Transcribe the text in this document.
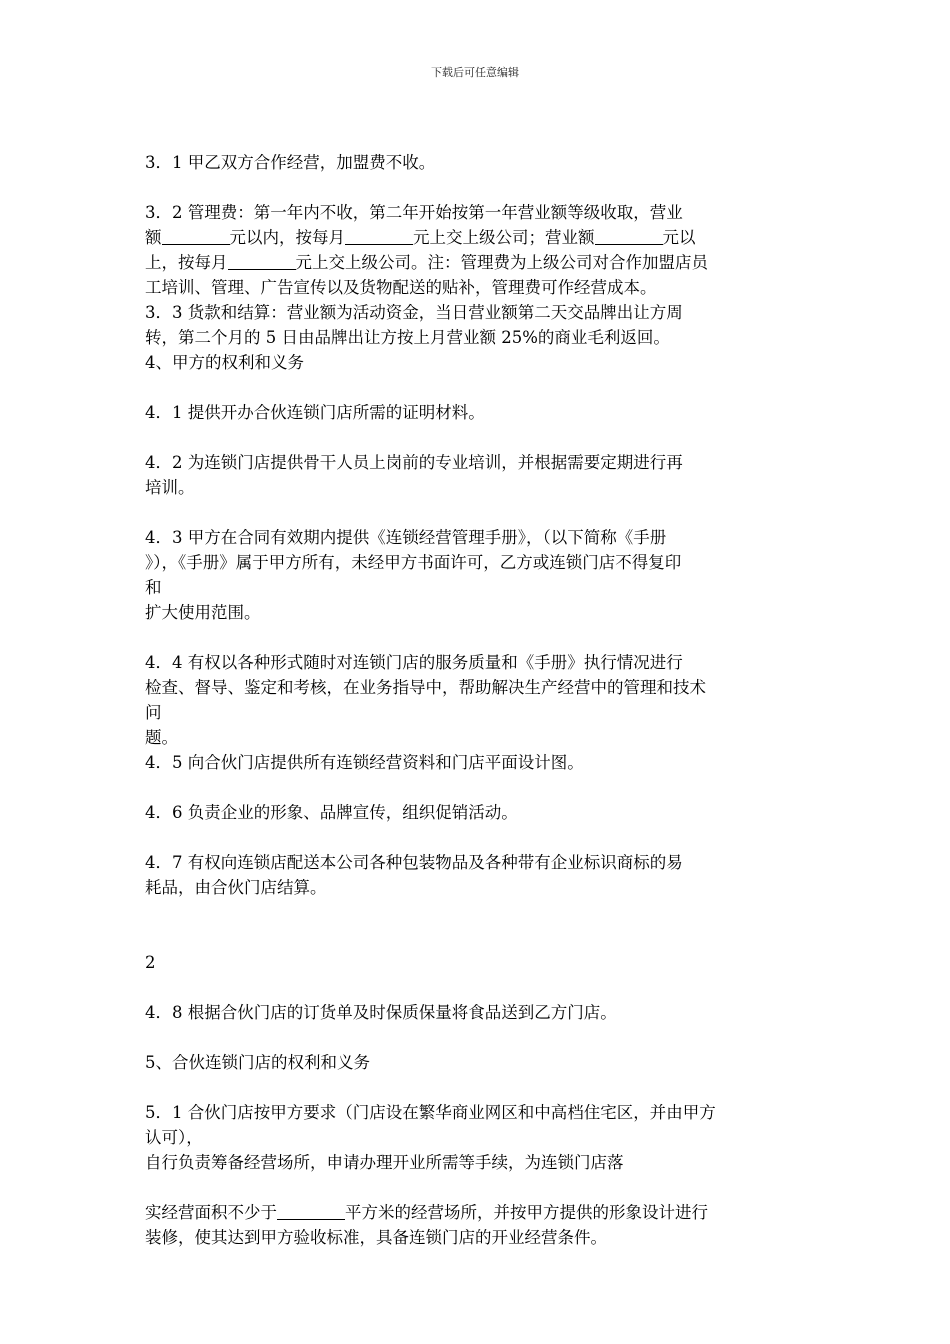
下载后可任意编辑
3．1 甲乙双方合作经营，加盟费不收。
3．2 管理费：第一年内不收，第二年开始按第一年营业额等级收取，营业
额	元以内，按每月	元上交上级公司；营业额	元以
上，按每月	元上交上级公司。注：管理费为上级公司对合作加盟店员
工培训、管理、广告宣传以及货物配送的贴补，管理费可作经营成本。
3．3 货款和结算：营业额为活动资金，当日营业额第二天交品牌出让方周
转，第二个月的 5 日由品牌出让方按上月营业额 25%的商业毛利返回。
4、甲方的权利和义务
4．1 提供开办合伙连锁门店所需的证明材料。
4．2 为连锁门店提供骨干人员上岗前的专业培训，并根据需要定期进行再
培训。
4．3 甲方在合同有效期内提供《连锁经营管理手册》，（以下简称《手册
》），《手册》属于甲方所有，未经甲方书面许可，乙方或连锁门店不得复印
和
扩大使用范围。
4．4 有权以各种形式随时对连锁门店的服务质量和《手册》执行情况进行
检查、督导、鉴定和考核，在业务指导中，帮助解决生产经营中的管理和技术
问
题。
4．5 向合伙门店提供所有连锁经营资料和门店平面设计图。
4．6 负责企业的形象、品牌宣传，组织促销活动。
4．7 有权向连锁店配送本公司各种包装物品及各种带有企业标识商标的易
耗品，由合伙门店结算。
2
4．8 根据合伙门店的订货单及时保质保量将食品送到乙方门店。
5、合伙连锁门店的权利和义务
5．1 合伙门店按甲方要求（门店设在繁华商业网区和中高档住宅区，并由甲方
认可），
自行负责筹备经营场所，申请办理开业所需等手续，为连锁门店落
实经营面积不少于	平方米的经营场所，并按甲方提供的形象设计进行
装修，使其达到甲方验收标准，具备连锁门店的开业经营条件。
